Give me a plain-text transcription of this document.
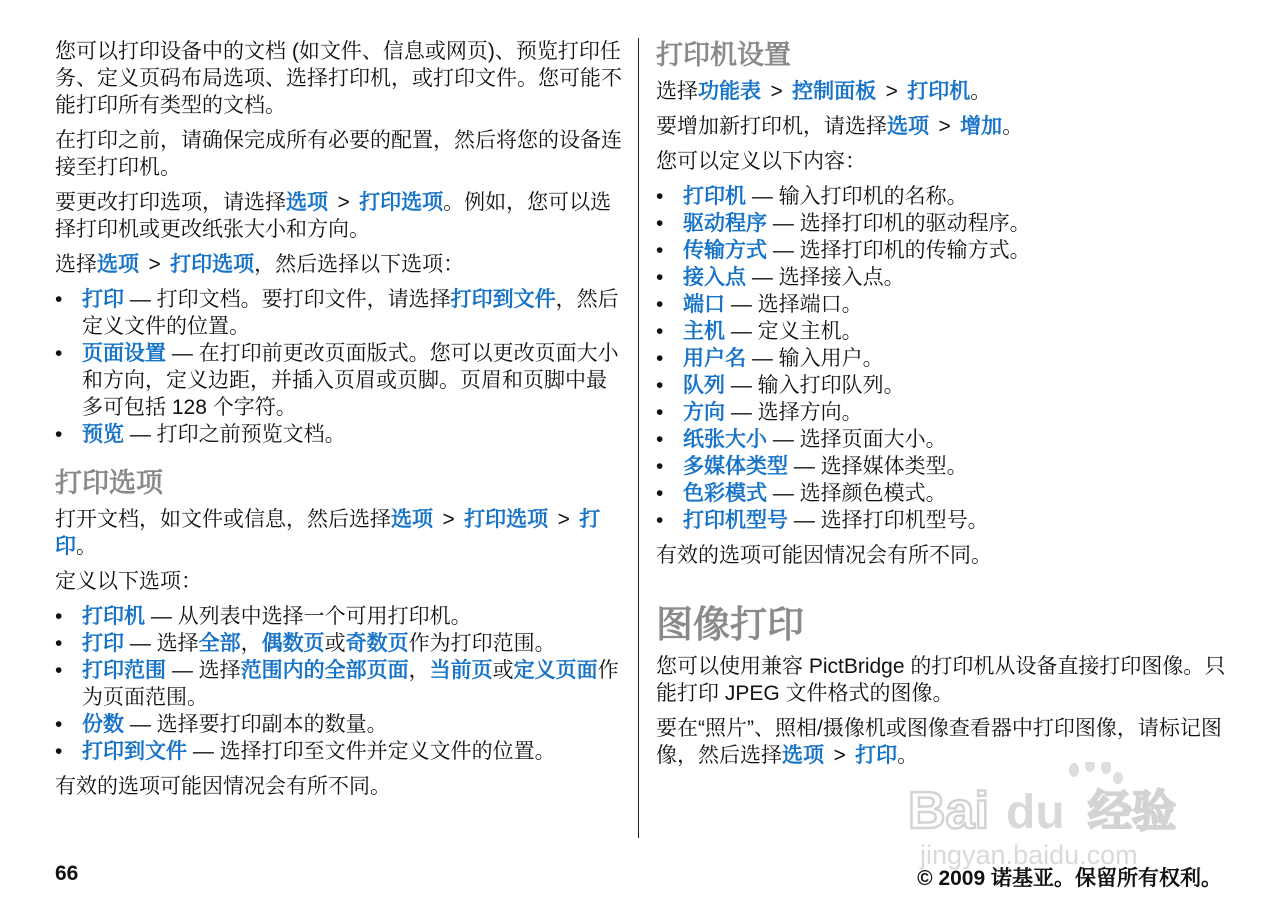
您可以打印设备中的文档 (如文件、信息或网页)、预览打印任务、定义页码布局选项、选择打印机，或打印文件。您可能不能打印所有类型的文档。

在打印之前，请确保完成所有必要的配置，然后将您的设备连接至打印机。

要更改打印选项，请选择选项 > 打印选项。例如，您可以选择打印机或更改纸张大小和方向。

选择选项 > 打印选项，然后选择以下选项：

• 打印 — 打印文档。要打印文件，请选择打印到文件，然后定义文件的位置。
• 页面设置 — 在打印前更改页面版式。您可以更改页面大小和方向，定义边距，并插入页眉或页脚。页眉和页脚中最多可包括 128 个字符。
• 预览 — 打印之前预览文档。
打印选项

打开文档，如文件或信息，然后选择选项 > 打印选项 > 打印。

定义以下选项：

• 打印机 — 从列表中选择一个可用打印机。
• 打印 — 选择全部，偶数页或奇数页作为打印范围。
• 打印范围 — 选择范围内的全部页面，当前页或定义页面作为页面范围。
• 份数 — 选择要打印副本的数量。
• 打印到文件 — 选择打印至文件并定义文件的位置。

有效的选项可能因情况会有所不同。

打印机设置

选择功能表 > 控制面板 > 打印机。

要增加新打印机，请选择选项 > 增加。

您可以定义以下内容：

• 打印机 — 输入打印机的名称。
• 驱动程序 — 选择打印机的驱动程序。
• 传输方式 — 选择打印机的传输方式。
• 接入点 — 选择接入点。
• 端口 — 选择端口。
• 主机 — 定义主机。
• 用户名 — 输入用户。
• 队列 — 输入打印队列。
• 方向 — 选择方向。
• 纸张大小 — 选择页面大小。
• 多媒体类型 — 选择媒体类型。
• 色彩模式 — 选择颜色模式。
• 打印机型号 — 选择打印机型号。

有效的选项可能因情况会有所不同。

图像打印

您可以使用兼容 PictBridge 的打印机从设备直接打印图像。只能打印 JPEG 文件格式的图像。

要在“照片”、照相/摄像机或图像查看器中打印图像，请标记图像，然后选择选项 > 打印。

Bai du 经验
jingyan.baidu.com
66	© 2009 诺基亚。保留所有权利。
